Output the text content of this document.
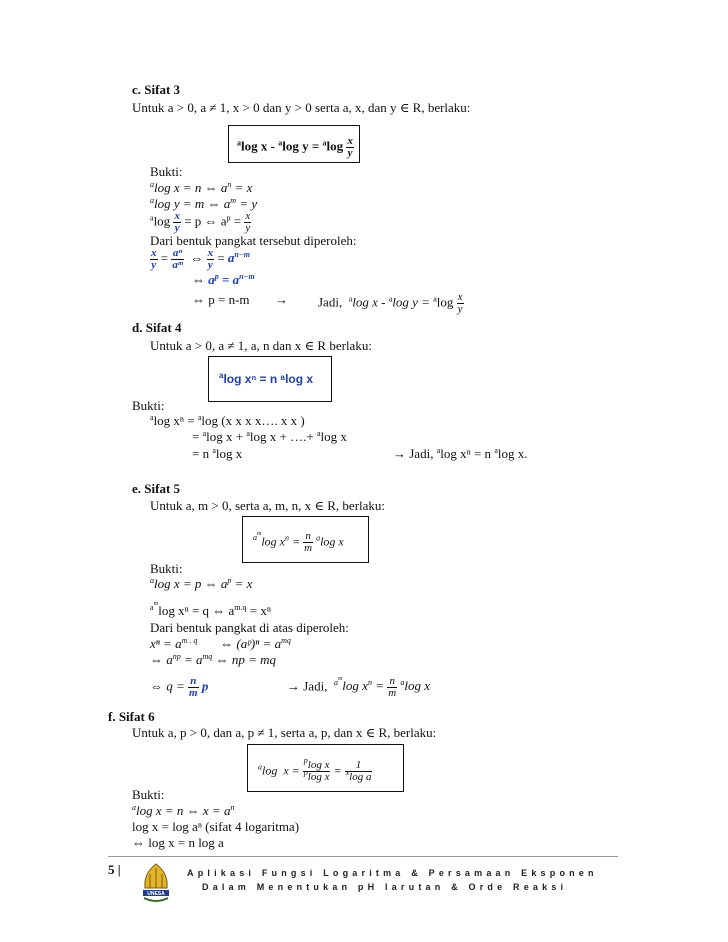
c. Sifat 3
Untuk a > 0, a ≠ 1, x > 0 dan y > 0 serta a, x, dan y ∈ R, berlaku:
$^a$log x - $^a$log $y = ^a\log \frac{x}{y}$
Bukti:
$^a$log x = n ⇔ $a^n = x$
$^a$log y = m ⇔ $a^m = y$
$^a\log \frac{x}{y} = p$ ⇔ $a^p = \frac{x}{y}$
Dari bentuk pangkat tersebut diperoleh:
$\frac{x}{y} = \frac{\text{aⁿ}}{\text{aᵐ}}$ ⇔ $\frac{x}{y} = a^{n-m}$
⇔ $a^p = a^{n-m}$
⇔ p = n-m → Jadi, $^a$log x - $^a$log $y = ^a\log \frac{x}{y}$
d. Sifat 4
Untuk a > 0, a ≠ 1, a, n dan x ∈ R berlaku:
$^a$log xⁿ = n ᵃlog x
Bukti:
$^a$log xⁿ = $^a$log (x x x x…. x x )
= $^a$log x + $^a$log x + ….+ $^a$log x
= n $^a$log x	→ Jadi, $^a$log xⁿ = n $^a$log x.
e. Sifat 5
Untuk a, m > 0, serta a, m, n, x ∈ R, berlaku:
$^{a^m}$log $x^n = \frac{n}{m} ^a\log$ x
Bukti:
$^a$log x = p ⇔ $a^p = x$
$^{a^m}$log xⁿ = q ⇔ $a^{m.q} = x^n$
Dari bentuk pangkat di atas diperoleh:
$x^n = a^{m . q}$ ⇔ (aᵖ)ⁿ = $a^{mq}$
⇔ $a^{np} = a^{mq}$ ⇔ np = mq
⇔ $q = \frac{n}{m}$ p	→ Jadi, $^{a^m}$log $x^n = \frac{n}{m} ^a\log$ x
f. Sifat 6
Untuk a, p > 0, dan a, p ≠ 1, serta a, p, dan x ∈ R, berlaku:
$^a$log  $x = \frac{^p\log x}{^p\log x} = \frac{1}{^x\log a}$
Bukti:
$^a$log x = n ⇔ $x = a^n$
log x = log aⁿ (sifat 4 logaritma)
⇔ log x = n log a
5 |
UNESA
Aplikasi Fungsi Logaritma & Persamaan Eksponen
Dalam Menentukan pH larutan & Orde Reaksi
